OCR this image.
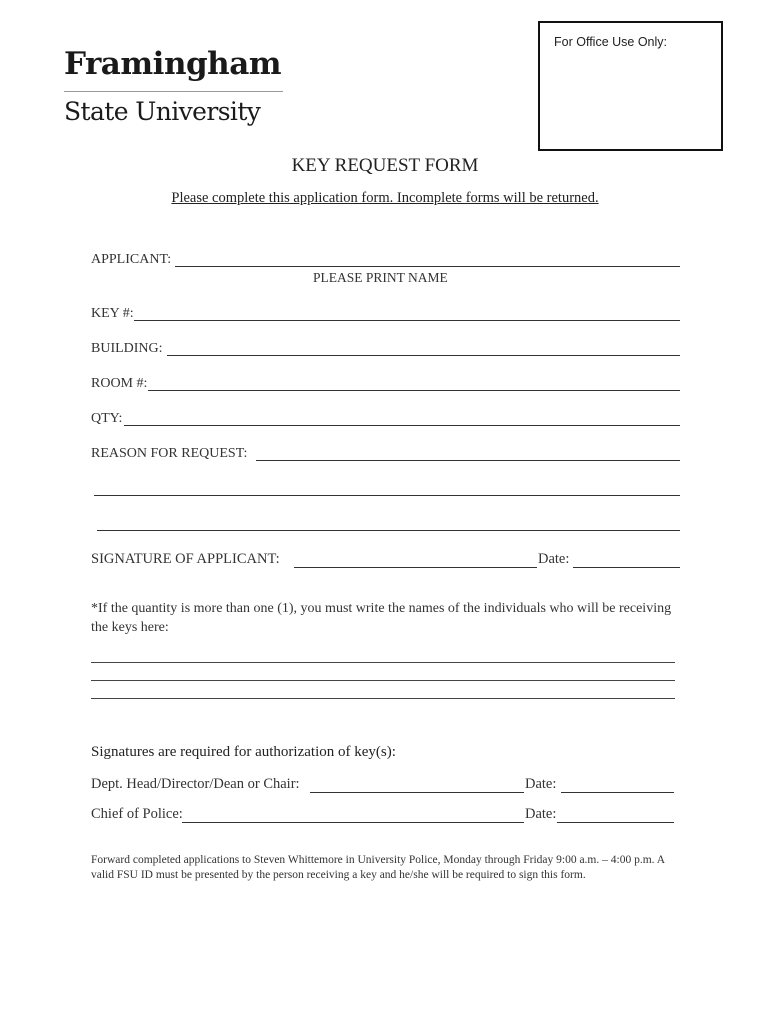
Framingham
State University
For Office Use Only:
KEY REQUEST FORM
Please complete this application form. Incomplete forms will be returned.
APPLICANT:
PLEASE PRINT NAME
KEY #:
BUILDING:
ROOM #:
QTY:
REASON FOR REQUEST:
SIGNATURE OF APPLICANT:	Date:
*If the quantity is more than one (1), you must write the names of the individuals who will be receiving the keys here:
Signatures are required for authorization of key(s):
Dept. Head/Director/Dean or Chair:	Date:
Chief of Police:	Date:
Forward completed applications to Steven Whittemore in University Police, Monday through Friday 9:00 a.m. – 4:00 p.m. A valid FSU ID must be presented by the person receiving a key and he/she will be required to sign this form.
